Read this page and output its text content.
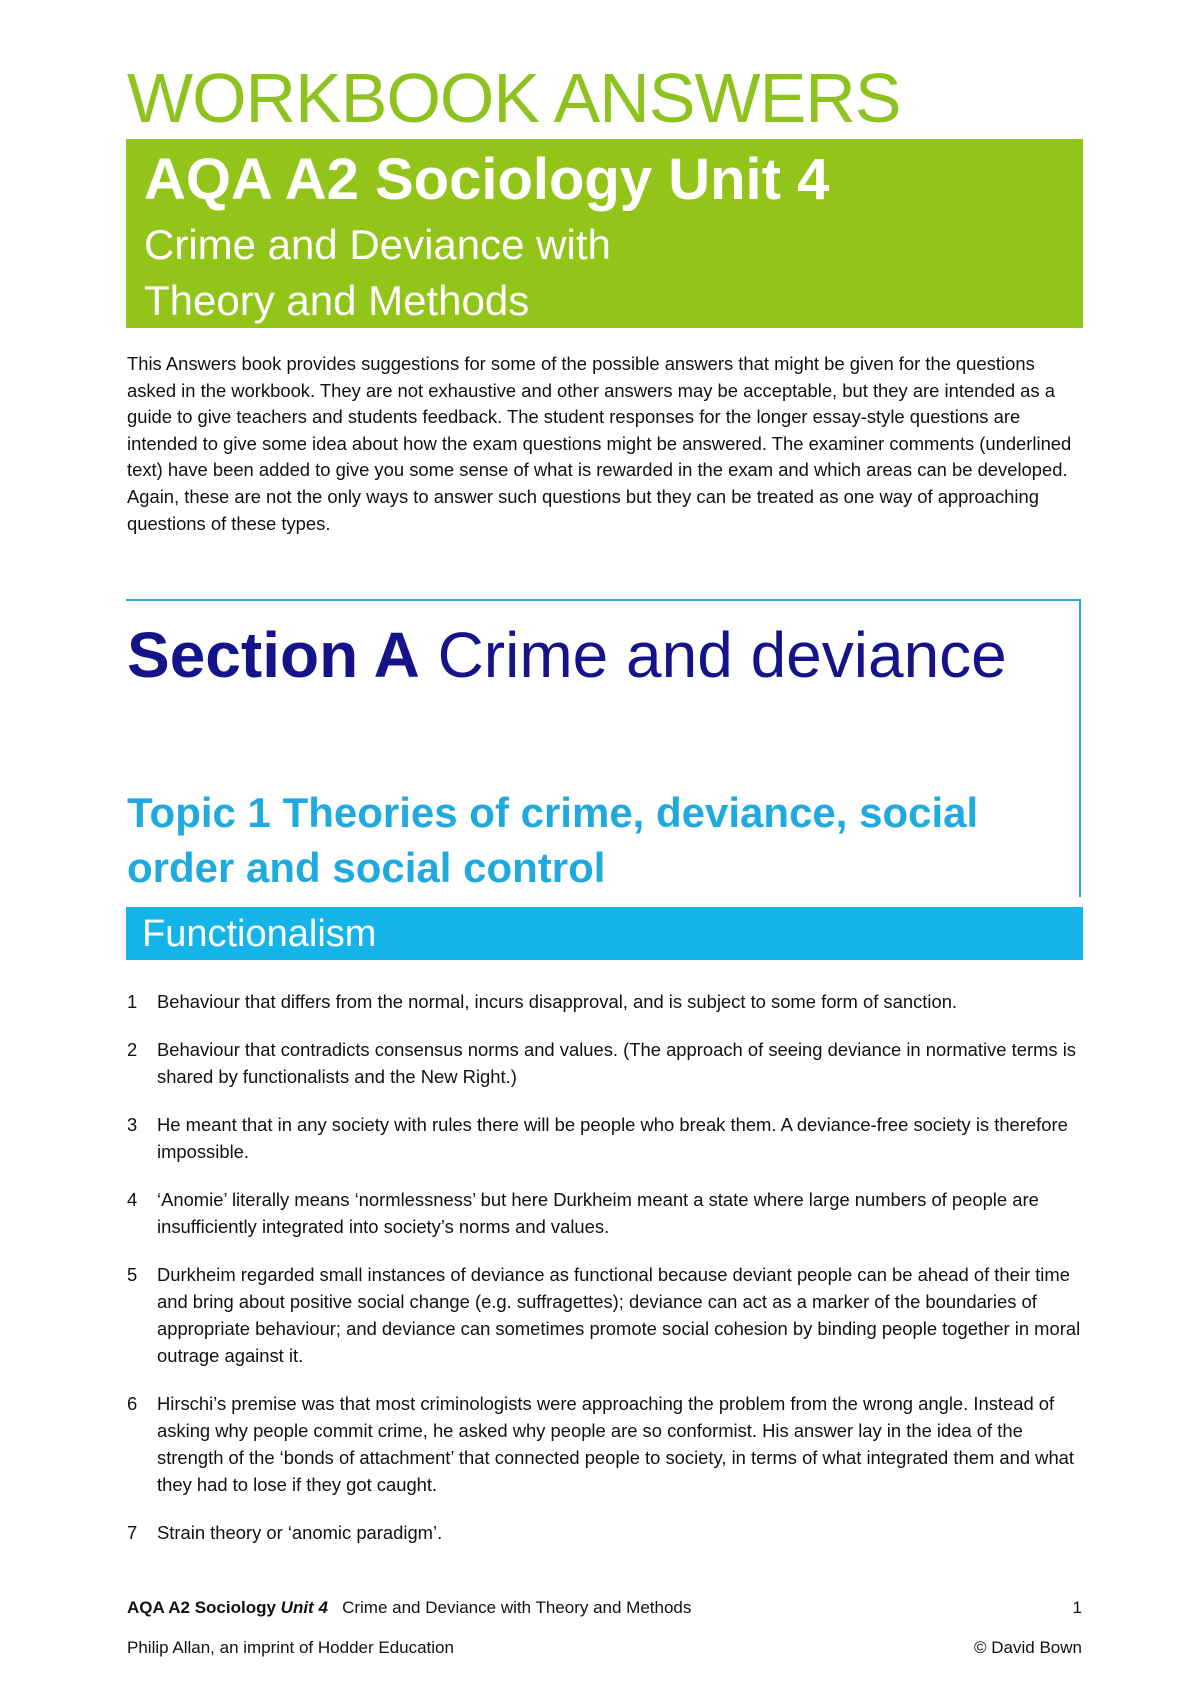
WORKBOOK ANSWERS
AQA A2 Sociology Unit 4
Crime and Deviance with
Theory and Methods
This Answers book provides suggestions for some of the possible answers that might be given for the questions asked in the workbook. They are not exhaustive and other answers may be acceptable, but they are intended as a guide to give teachers and students feedback. The student responses for the longer essay-style questions are intended to give some idea about how the exam questions might be answered. The examiner comments (underlined text) have been added to give you some sense of what is rewarded in the exam and which areas can be developed. Again, these are not the only ways to answer such questions but they can be treated as one way of approaching questions of these types.
Section A Crime and deviance
Topic 1 Theories of crime, deviance, social order and social control
Functionalism
1 Behaviour that differs from the normal, incurs disapproval, and is subject to some form of sanction.
2 Behaviour that contradicts consensus norms and values. (The approach of seeing deviance in normative terms is shared by functionalists and the New Right.)
3 He meant that in any society with rules there will be people who break them. A deviance-free society is therefore impossible.
4 ‘Anomie’ literally means ‘normlessness’ but here Durkheim meant a state where large numbers of people are insufficiently integrated into society’s norms and values.
5 Durkheim regarded small instances of deviance as functional because deviant people can be ahead of their time and bring about positive social change (e.g. suffragettes); deviance can act as a marker of the boundaries of appropriate behaviour; and deviance can sometimes promote social cohesion by binding people together in moral outrage against it.
6 Hirschi’s premise was that most criminologists were approaching the problem from the wrong angle. Instead of asking why people commit crime, he asked why people are so conformist. His answer lay in the idea of the strength of the ‘bonds of attachment’ that connected people to society, in terms of what integrated them and what they had to lose if they got caught.
7 Strain theory or ‘anomic paradigm’.
AQA A2 Sociology Unit 4 Crime and Deviance with Theory and Methods	1
Philip Allan, an imprint of Hodder Education	© David Bown
